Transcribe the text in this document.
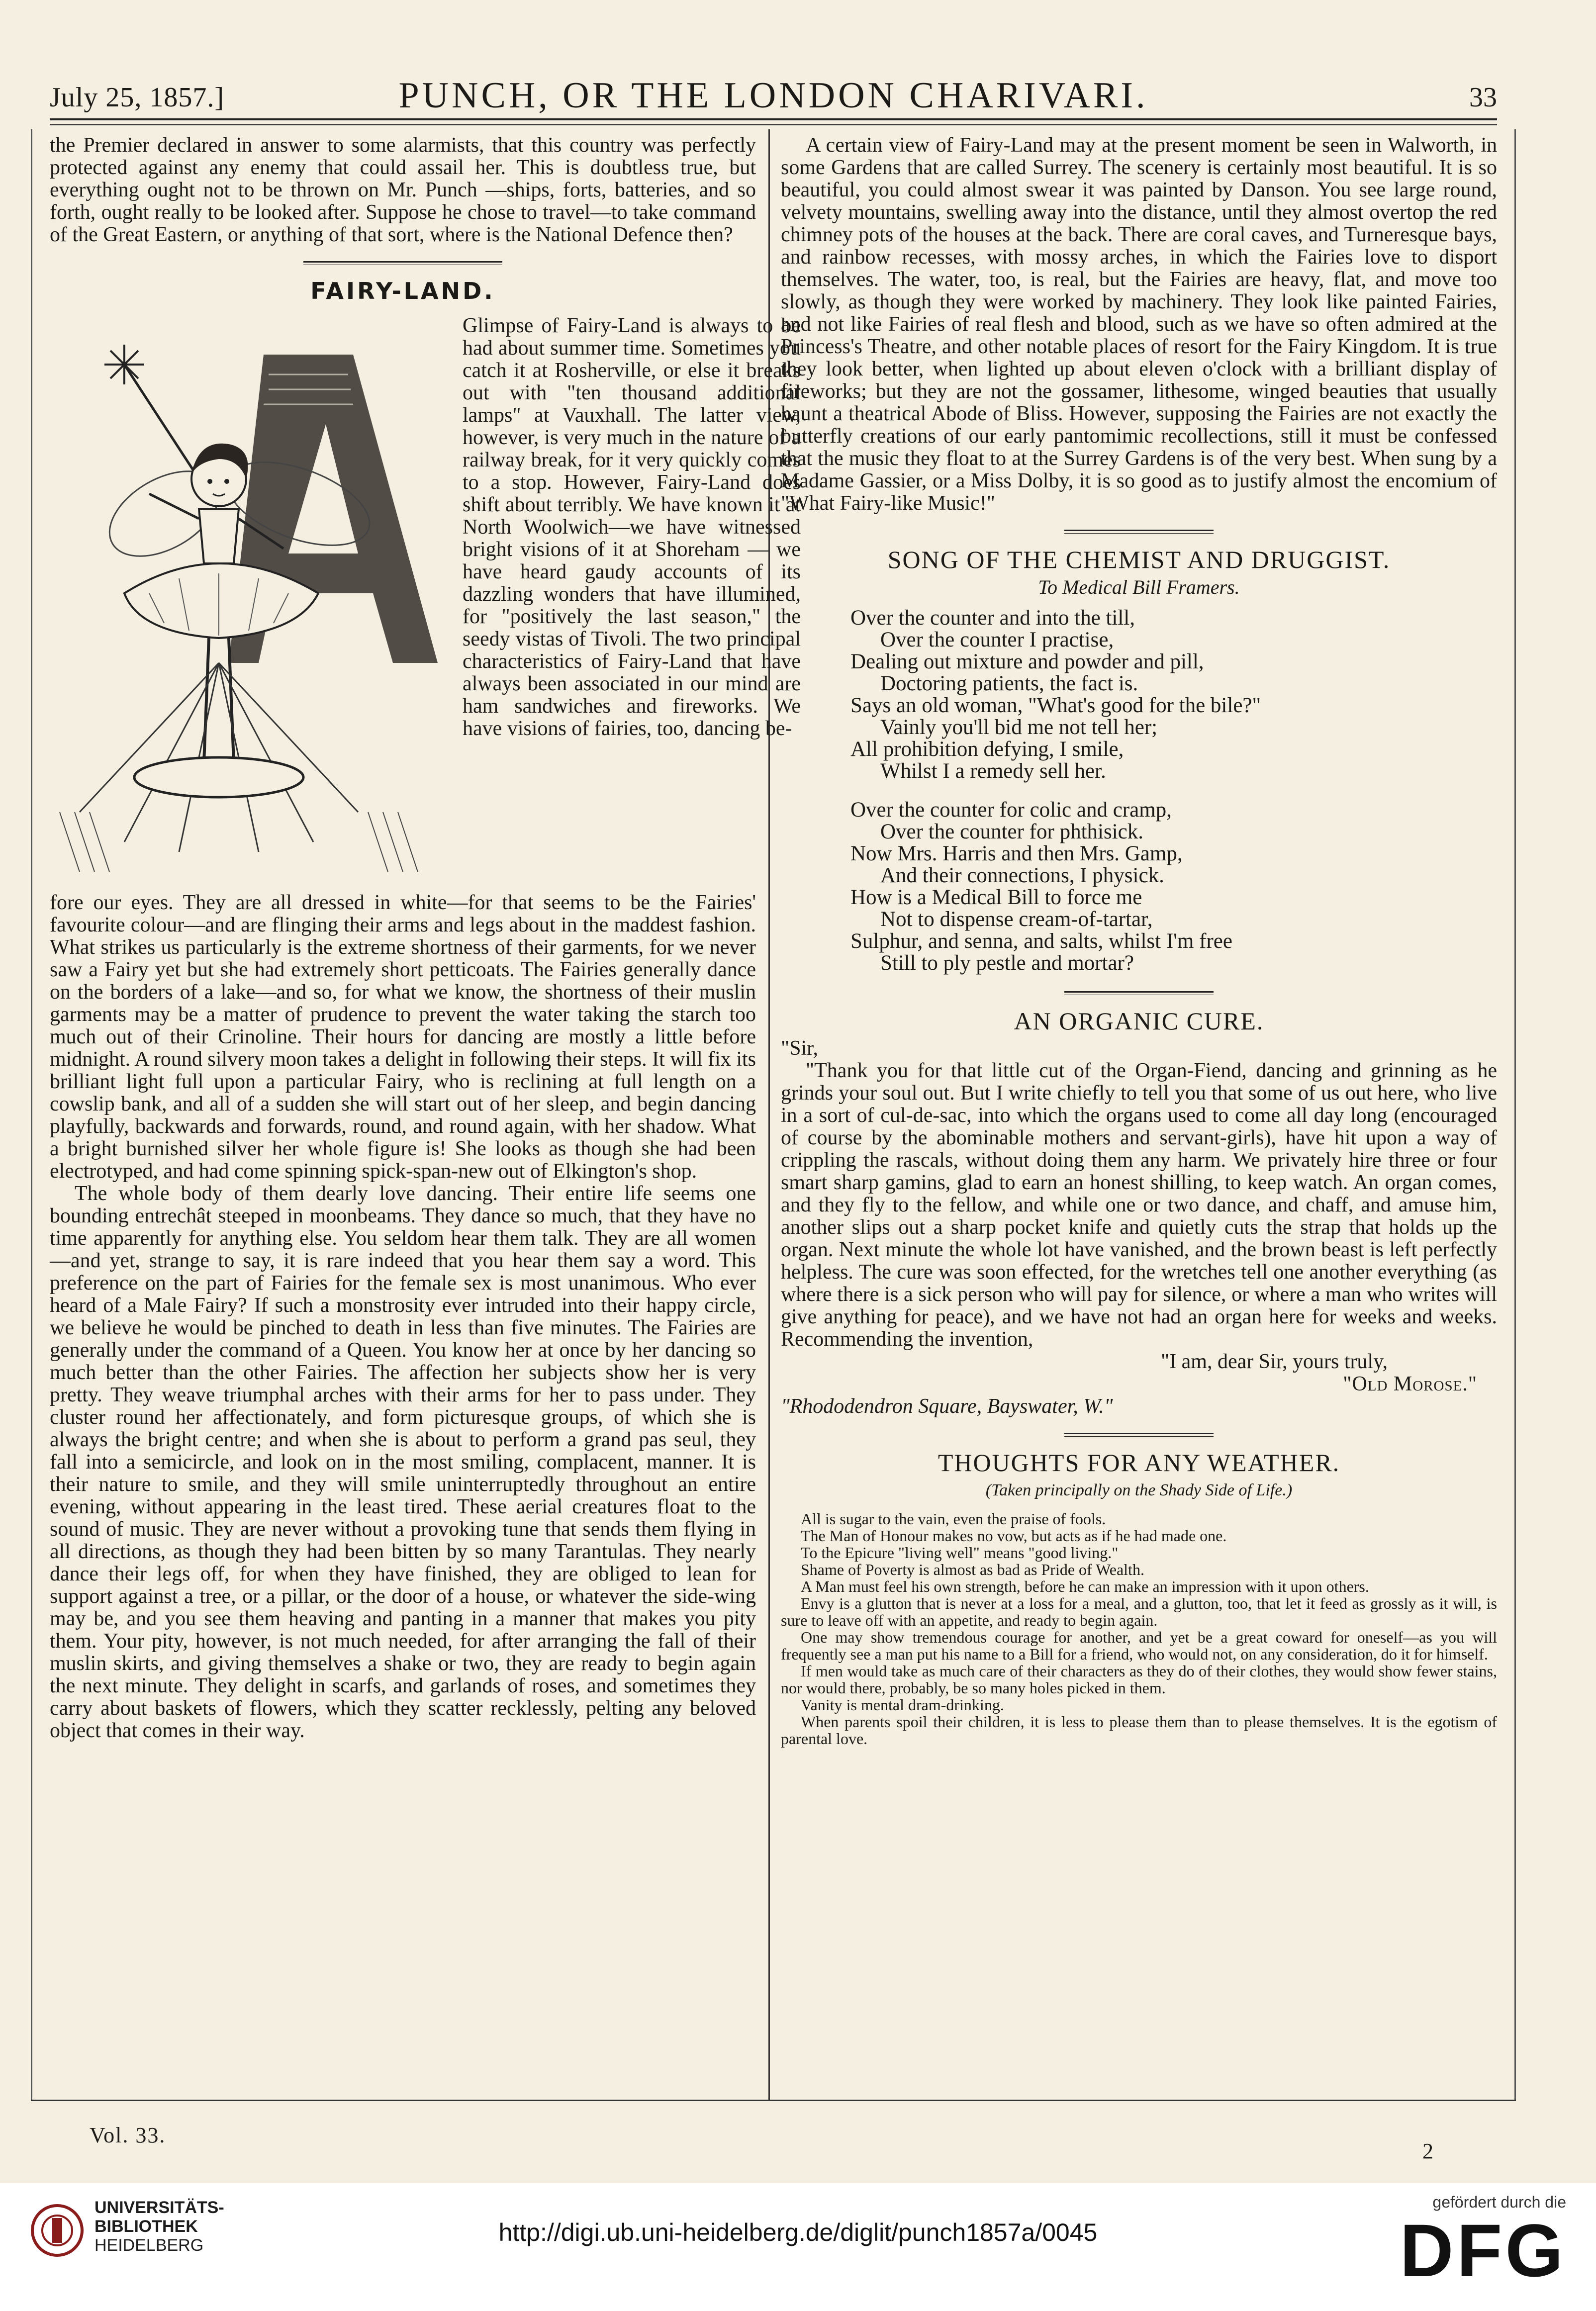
July 25, 1857.]	PUNCH, OR THE LONDON CHARIVARI.	33

the Premier declared in answer to some alarmists, that this country was perfectly protected against any enemy that could assail her. This is doubtless true, but everything ought not to be thrown on Mr. Punch —ships, forts, batteries, and so forth, ought really to be looked after. Suppose he chose to travel—to take command of the Great Eastern, or anything of that sort, where is the National Defence then?

FAIRY-LAND.
Glimpse of Fairy-Land is always to be had about summer time. Sometimes you catch it at Rosherville, or else it breaks out with "ten thousand additional lamps" at Vauxhall. The latter view, however, is very much in the nature of a railway break, for it very quickly comes to a stop. However, Fairy-Land does shift about terribly. We have known it at North Woolwich—we have witnessed bright visions of it at Shoreham — we have heard gaudy accounts of its dazzling wonders that have illumined, for "positively the last season," the seedy vistas of Tivoli. The two principal characteristics of Fairy-Land that have always been associated in our mind are ham sandwiches and fireworks. We have visions of fairies, too, dancing be-

fore our eyes. They are all dressed in white—for that seems to be the Fairies' favourite colour—and are flinging their arms and legs about in the maddest fashion. What strikes us particularly is the extreme shortness of their garments, for we never saw a Fairy yet but she had extremely short petticoats. The Fairies generally dance on the borders of a lake—and so, for what we know, the shortness of their muslin garments may be a matter of prudence to prevent the water taking the starch too much out of their Crinoline. Their hours for dancing are mostly a little before midnight. A round silvery moon takes a delight in following their steps. It will fix its brilliant light full upon a particular Fairy, who is reclining at full length on a cowslip bank, and all of a sudden she will start out of her sleep, and begin dancing playfully, backwards and forwards, round, and round again, with her shadow. What a bright burnished silver her whole figure is! She looks as though she had been electrotyped, and had come spinning spick-span-new out of Elkington's shop.

The whole body of them dearly love dancing. Their entire life seems one bounding entrechât steeped in moonbeams. They dance so much, that they have no time apparently for anything else. You seldom hear them talk. They are all women—and yet, strange to say, it is rare indeed that you hear them say a word. This preference on the part of Fairies for the female sex is most unanimous. Who ever heard of a Male Fairy? If such a monstrosity ever intruded into their happy circle, we believe he would be pinched to death in less than five minutes. The Fairies are generally under the command of a Queen. You know her at once by her dancing so much better than the other Fairies. The affection her subjects show her is very pretty. They weave triumphal arches with their arms for her to pass under. They cluster round her affectionately, and form picturesque groups, of which she is always the bright centre; and when she is about to perform a grand pas seul, they fall into a semicircle, and look on in the most smiling, complacent, manner. It is their nature to smile, and they will smile uninterruptedly throughout an entire evening, without appearing in the least tired. These aerial creatures float to the sound of music. They are never without a provoking tune that sends them flying in all directions, as though they had been bitten by so many Tarantulas. They nearly dance their legs off, for when they have finished, they are obliged to lean for support against a tree, or a pillar, or the door of a house, or whatever the side-wing may be, and you see them heaving and panting in a manner that makes you pity them. Your pity, however, is not much needed, for after arranging the fall of their muslin skirts, and giving themselves a shake or two, they are ready to begin again the next minute. They delight in scarfs, and garlands of roses, and sometimes they carry about baskets of flowers, which they scatter recklessly, pelting any beloved object that comes in their way.

A certain view of Fairy-Land may at the present moment be seen in Walworth, in some Gardens that are called Surrey. The scenery is certainly most beautiful. It is so beautiful, you could almost swear it was painted by Danson. You see large round, velvety mountains, swelling away into the distance, until they almost overtop the red chimney pots of the houses at the back. There are coral caves, and Turneresque bays, and rainbow recesses, with mossy arches, in which the Fairies love to disport themselves. The water, too, is real, but the Fairies are heavy, flat, and move too slowly, as though they were worked by machinery. They look like painted Fairies, and not like Fairies of real flesh and blood, such as we have so often admired at the Princess's Theatre, and other notable places of resort for the Fairy Kingdom. It is true they look better, when lighted up about eleven o'clock with a brilliant display of fireworks; but they are not the gossamer, lithesome, winged beauties that usually haunt a theatrical Abode of Bliss. However, supposing the Fairies are not exactly the butterfly creations of our early pantomimic recollections, still it must be confessed that the music they float to at the Surrey Gardens is of the very best. When sung by a Madame Gassier, or a Miss Dolby, it is so good as to justify almost the encomium of "What Fairy-like Music!"

SONG OF THE CHEMIST AND DRUGGIST.
To Medical Bill Framers.
Over the counter and into the till,
Over the counter I practise,
Dealing out mixture and powder and pill,
Doctoring patients, the fact is.
Says an old woman, "What's good for the bile?"
Vainly you'll bid me not tell her;
All prohibition defying, I smile,
Whilst I a remedy sell her.
Over the counter for colic and cramp,
Over the counter for phthisick.
Now Mrs. Harris and then Mrs. Gamp,
And their connections, I physick.
How is a Medical Bill to force me
Not to dispense cream-of-tartar,
Sulphur, and senna, and salts, whilst I'm free
Still to ply pestle and mortar?
AN ORGANIC CURE.

"Sir,

"Thank you for that little cut of the Organ-Fiend, dancing and grinning as he grinds your soul out. But I write chiefly to tell you that some of us out here, who live in a sort of cul-de-sac, into which the organs used to come all day long (encouraged of course by the abominable mothers and servant-girls), have hit upon a way of crippling the rascals, without doing them any harm. We privately hire three or four smart sharp gamins, glad to earn an honest shilling, to keep watch. An organ comes, and they fly to the fellow, and while one or two dance, and chaff, and amuse him, another slips out a sharp pocket knife and quietly cuts the strap that holds up the organ. Next minute the whole lot have vanished, and the brown beast is left perfectly helpless. The cure was soon effected, for the wretches tell one another everything (as where there is a sick person who will pay for silence, or where a man who writes will give anything for peace), and we have not had an organ here for weeks and weeks. Recommending the invention,

"I am, dear Sir, yours truly,

"Old Morose."

"Rhododendron Square, Bayswater, W."

THOUGHTS FOR ANY WEATHER.
(Taken principally on the Shady Side of Life.)

All is sugar to the vain, even the praise of fools.

The Man of Honour makes no vow, but acts as if he had made one.

To the Epicure "living well" means "good living."

Shame of Poverty is almost as bad as Pride of Wealth.

A Man must feel his own strength, before he can make an impression with it upon others.

Envy is a glutton that is never at a loss for a meal, and a glutton, too, that let it feed as grossly as it will, is sure to leave off with an appetite, and ready to begin again.

One may show tremendous courage for another, and yet be a great coward for oneself—as you will frequently see a man put his name to a Bill for a friend, who would not, on any consideration, do it for himself.

If men would take as much care of their characters as they do of their clothes, they would show fewer stains, nor would there, probably, be so many holes picked in them.

Vanity is mental dram-drinking.

When parents spoil their children, it is less to please them than to please themselves. It is the egotism of parental love.

Vol. 33.
2
UNIVERSITÄTS-
BIBLIOTHEK
HEIDELBERG	http://digi.ub.uni-heidelberg.de/diglit/punch1857a/0045
gefördert durch die
DFG
